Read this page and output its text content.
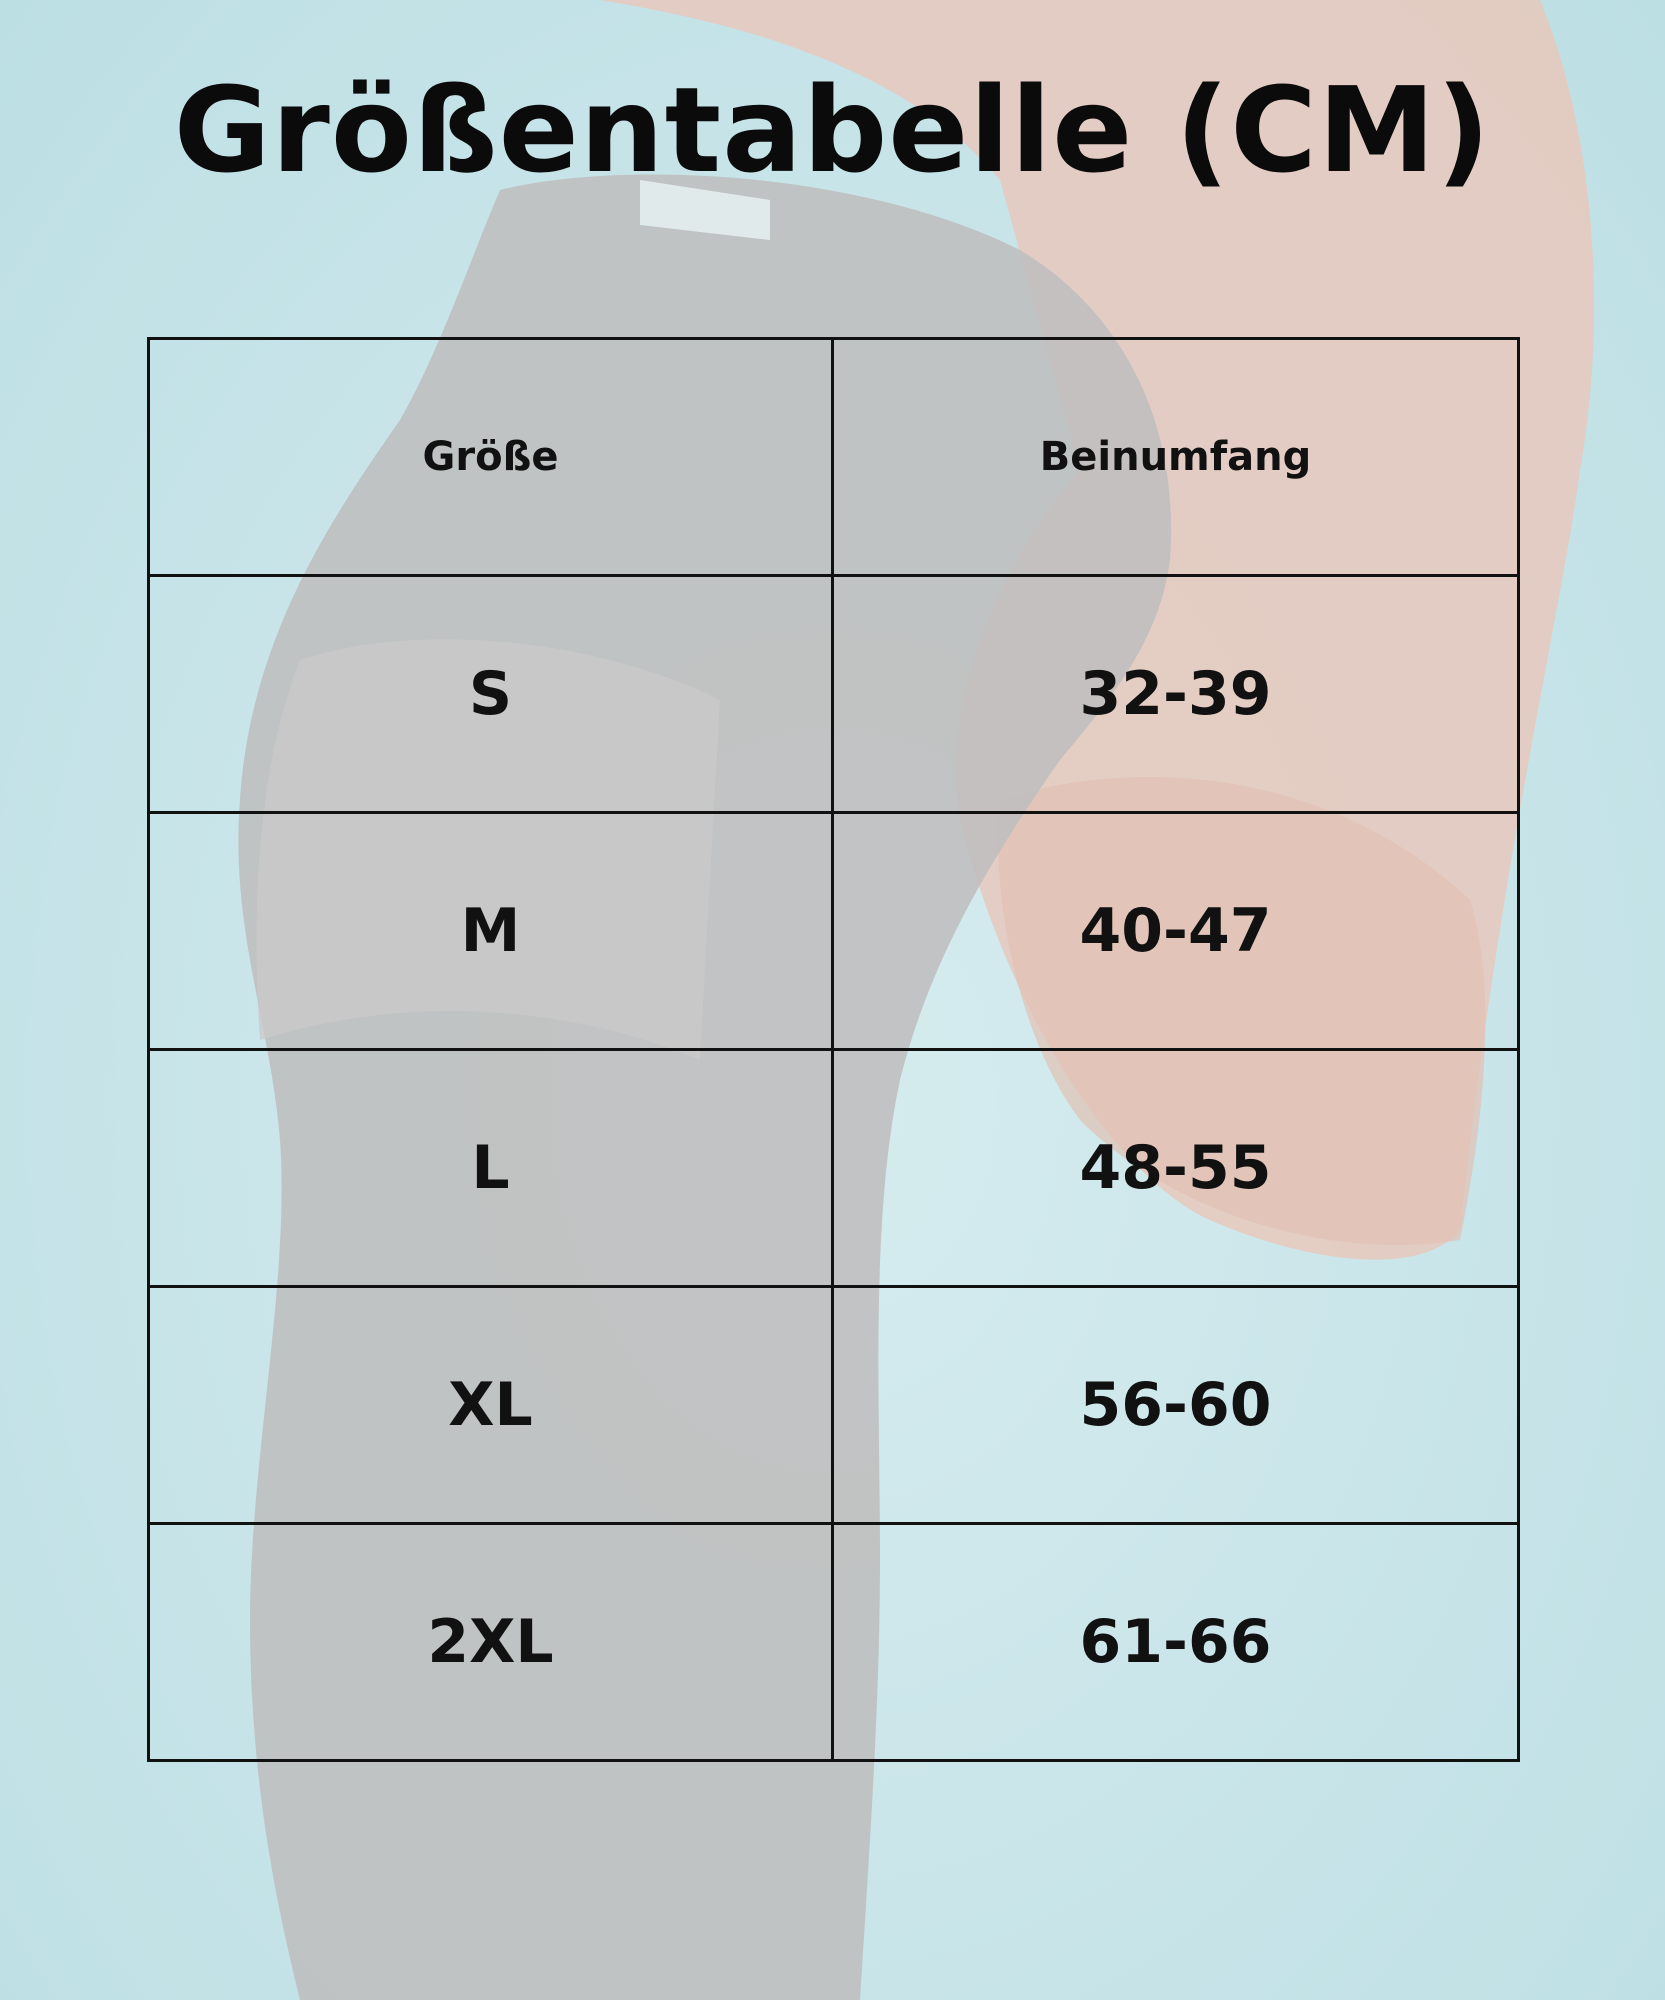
Größentabelle (CM)
Größe	Beinumfang
S	32-39
M	40-47
L	48-55
XL	56-60
2XL	61-66
